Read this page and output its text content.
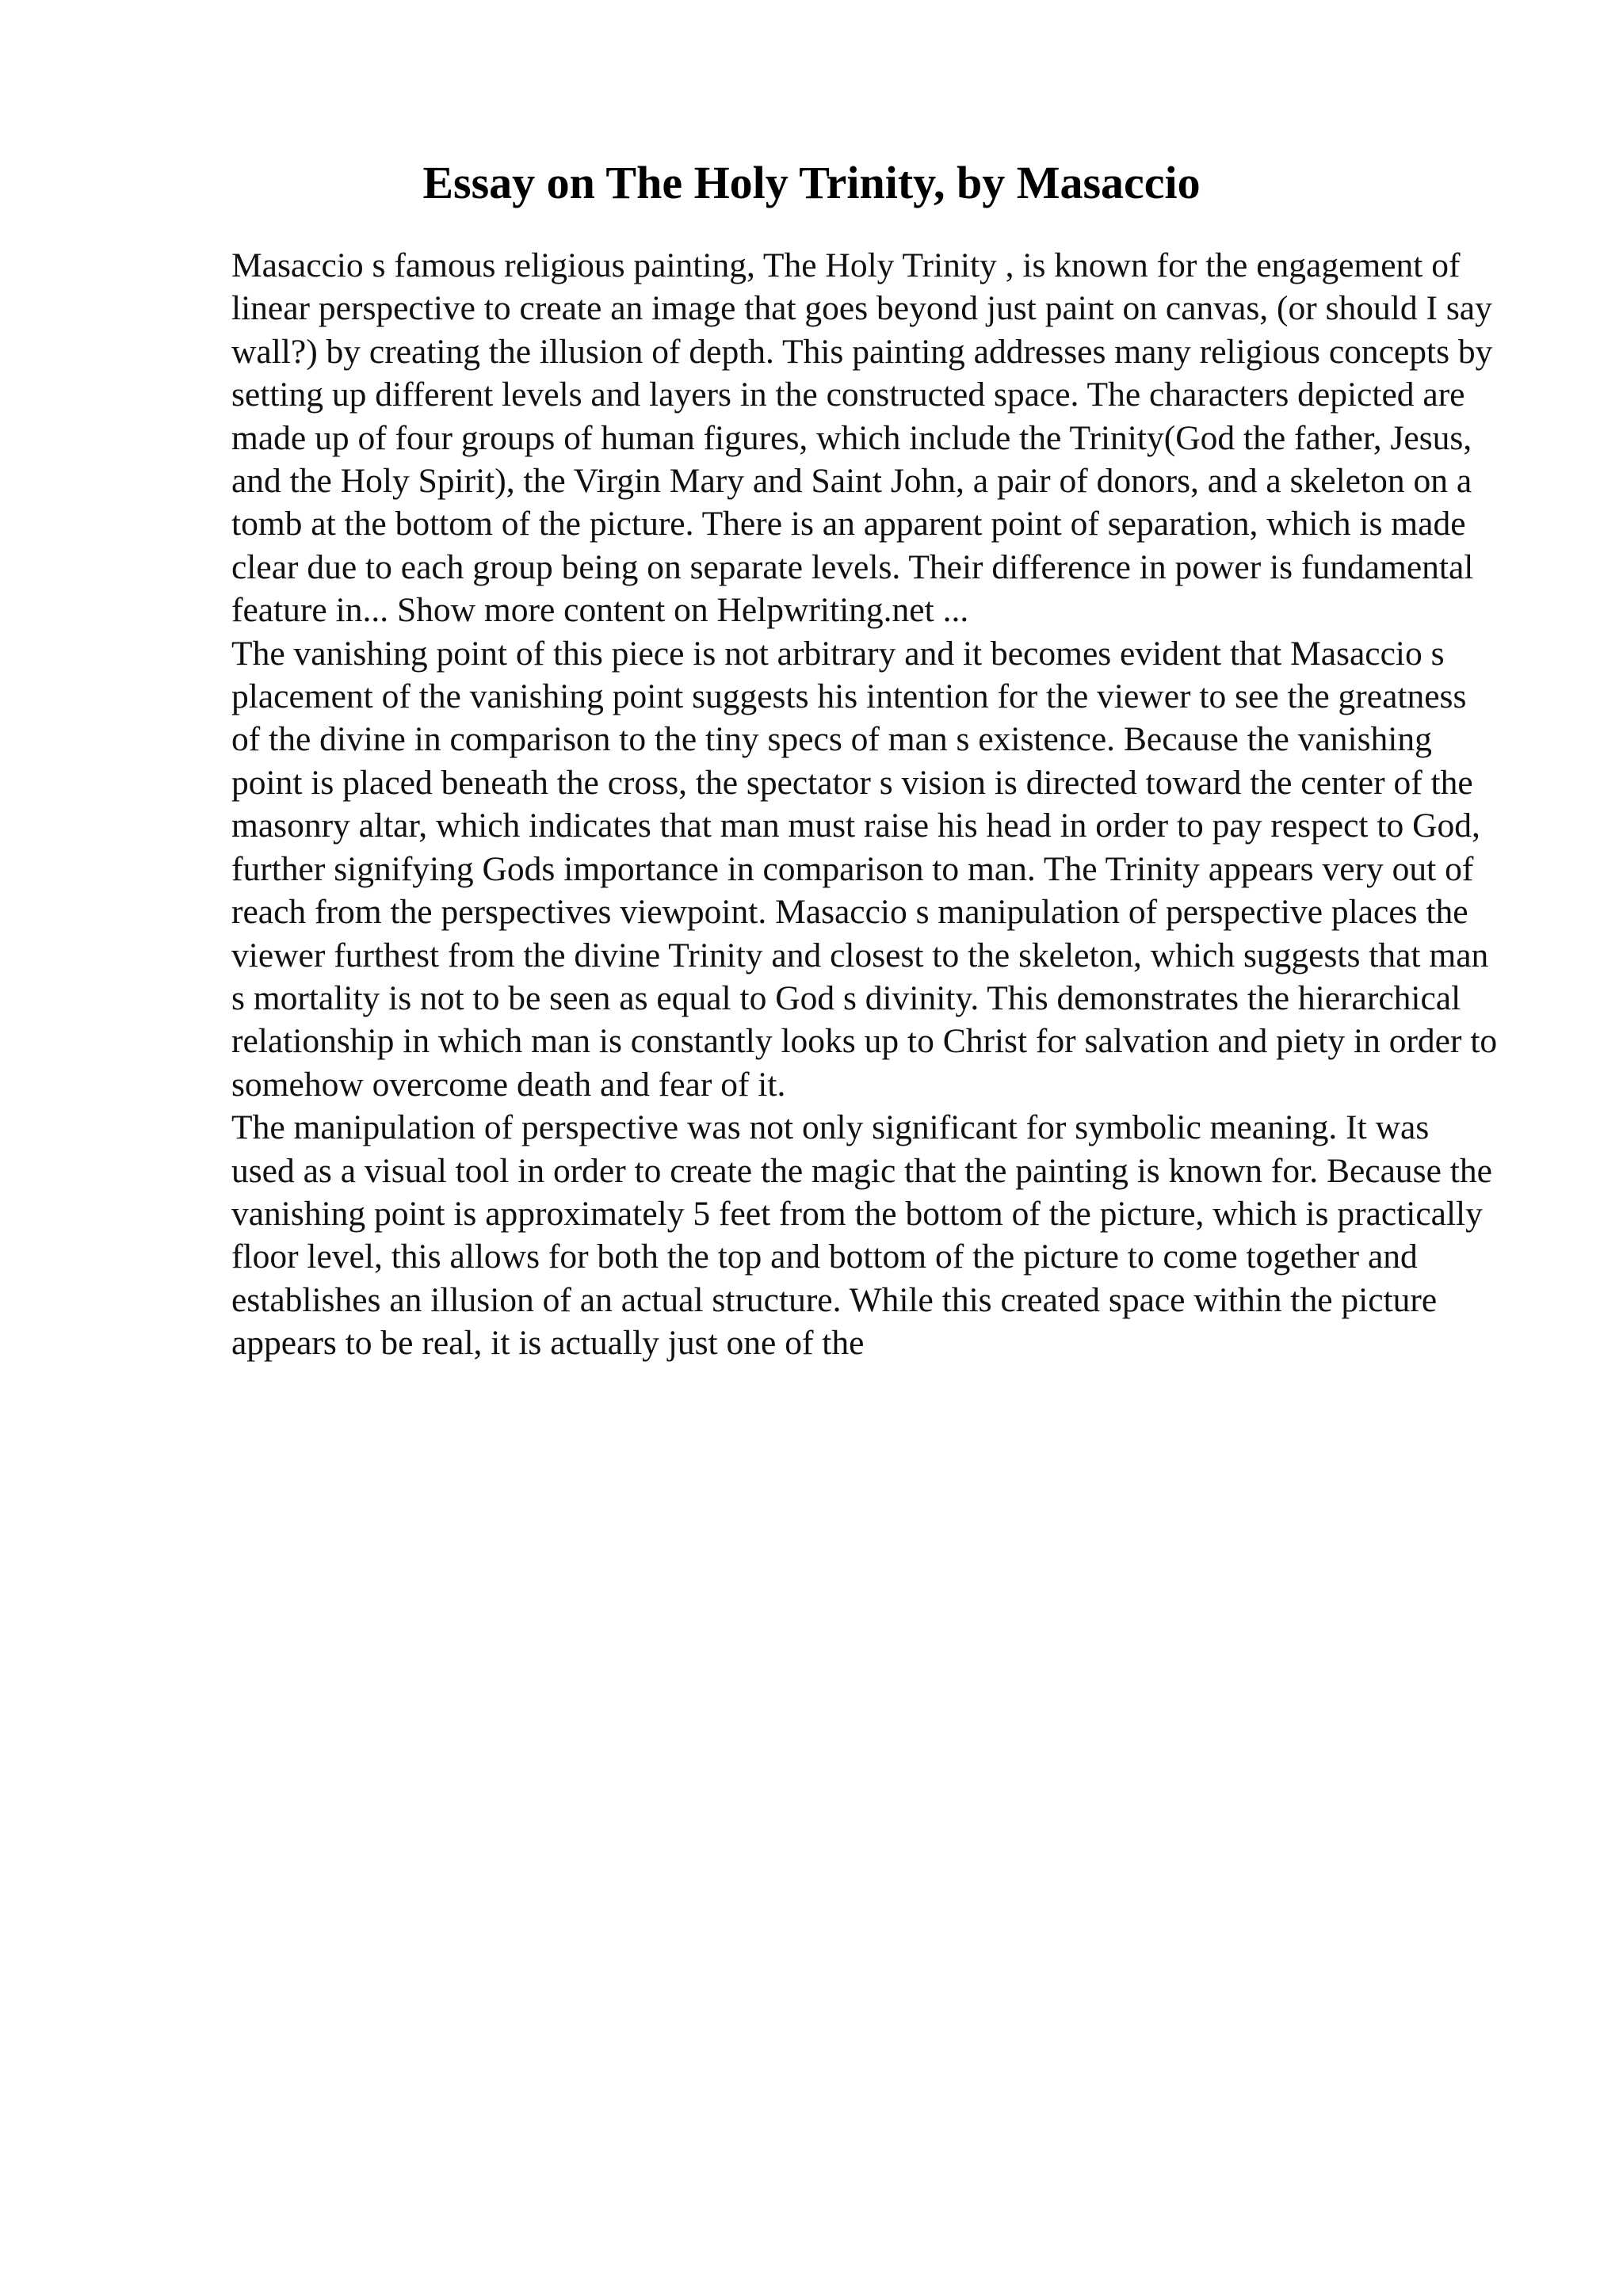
Essay on The Holy Trinity, by Masaccio

Masaccio s famous religious painting, The Holy Trinity , is known for the engagement of linear perspective to create an image that goes beyond just paint on canvas, (or should I say wall?) by creating the illusion of depth. This painting addresses many religious concepts by setting up different levels and layers in the constructed space. The characters depicted are made up of four groups of human figures, which include the Trinity(God the father, Jesus, and the Holy Spirit), the Virgin Mary and Saint John, a pair of donors, and a skeleton on a tomb at the bottom of the picture. There is an apparent point of separation, which is made clear due to each group being on separate levels. Their difference in power is fundamental feature in... Show more content on Helpwriting.net ...

The vanishing point of this piece is not arbitrary and it becomes evident that Masaccio s placement of the vanishing point suggests his intention for the viewer to see the greatness of the divine in comparison to the tiny specs of man s existence. Because the vanishing point is placed beneath the cross, the spectator s vision is directed toward the center of the masonry altar, which indicates that man must raise his head in order to pay respect to God, further signifying Gods importance in comparison to man. The Trinity appears very out of reach from the perspectives viewpoint. Masaccio s manipulation of perspective places the viewer furthest from the divine Trinity and closest to the skeleton, which suggests that man s mortality is not to be seen as equal to God s divinity. This demonstrates the hierarchical relationship in which man is constantly looks up to Christ for salvation and piety in order to somehow overcome death and fear of it.

The manipulation of perspective was not only significant for symbolic meaning. It was used as a visual tool in order to create the magic that the painting is known for. Because the vanishing point is approximately 5 feet from the bottom of the picture, which is practically floor level, this allows for both the top and bottom of the picture to come together and establishes an illusion of an actual structure. While this created space within the picture appears to be real, it is actually just one of the
